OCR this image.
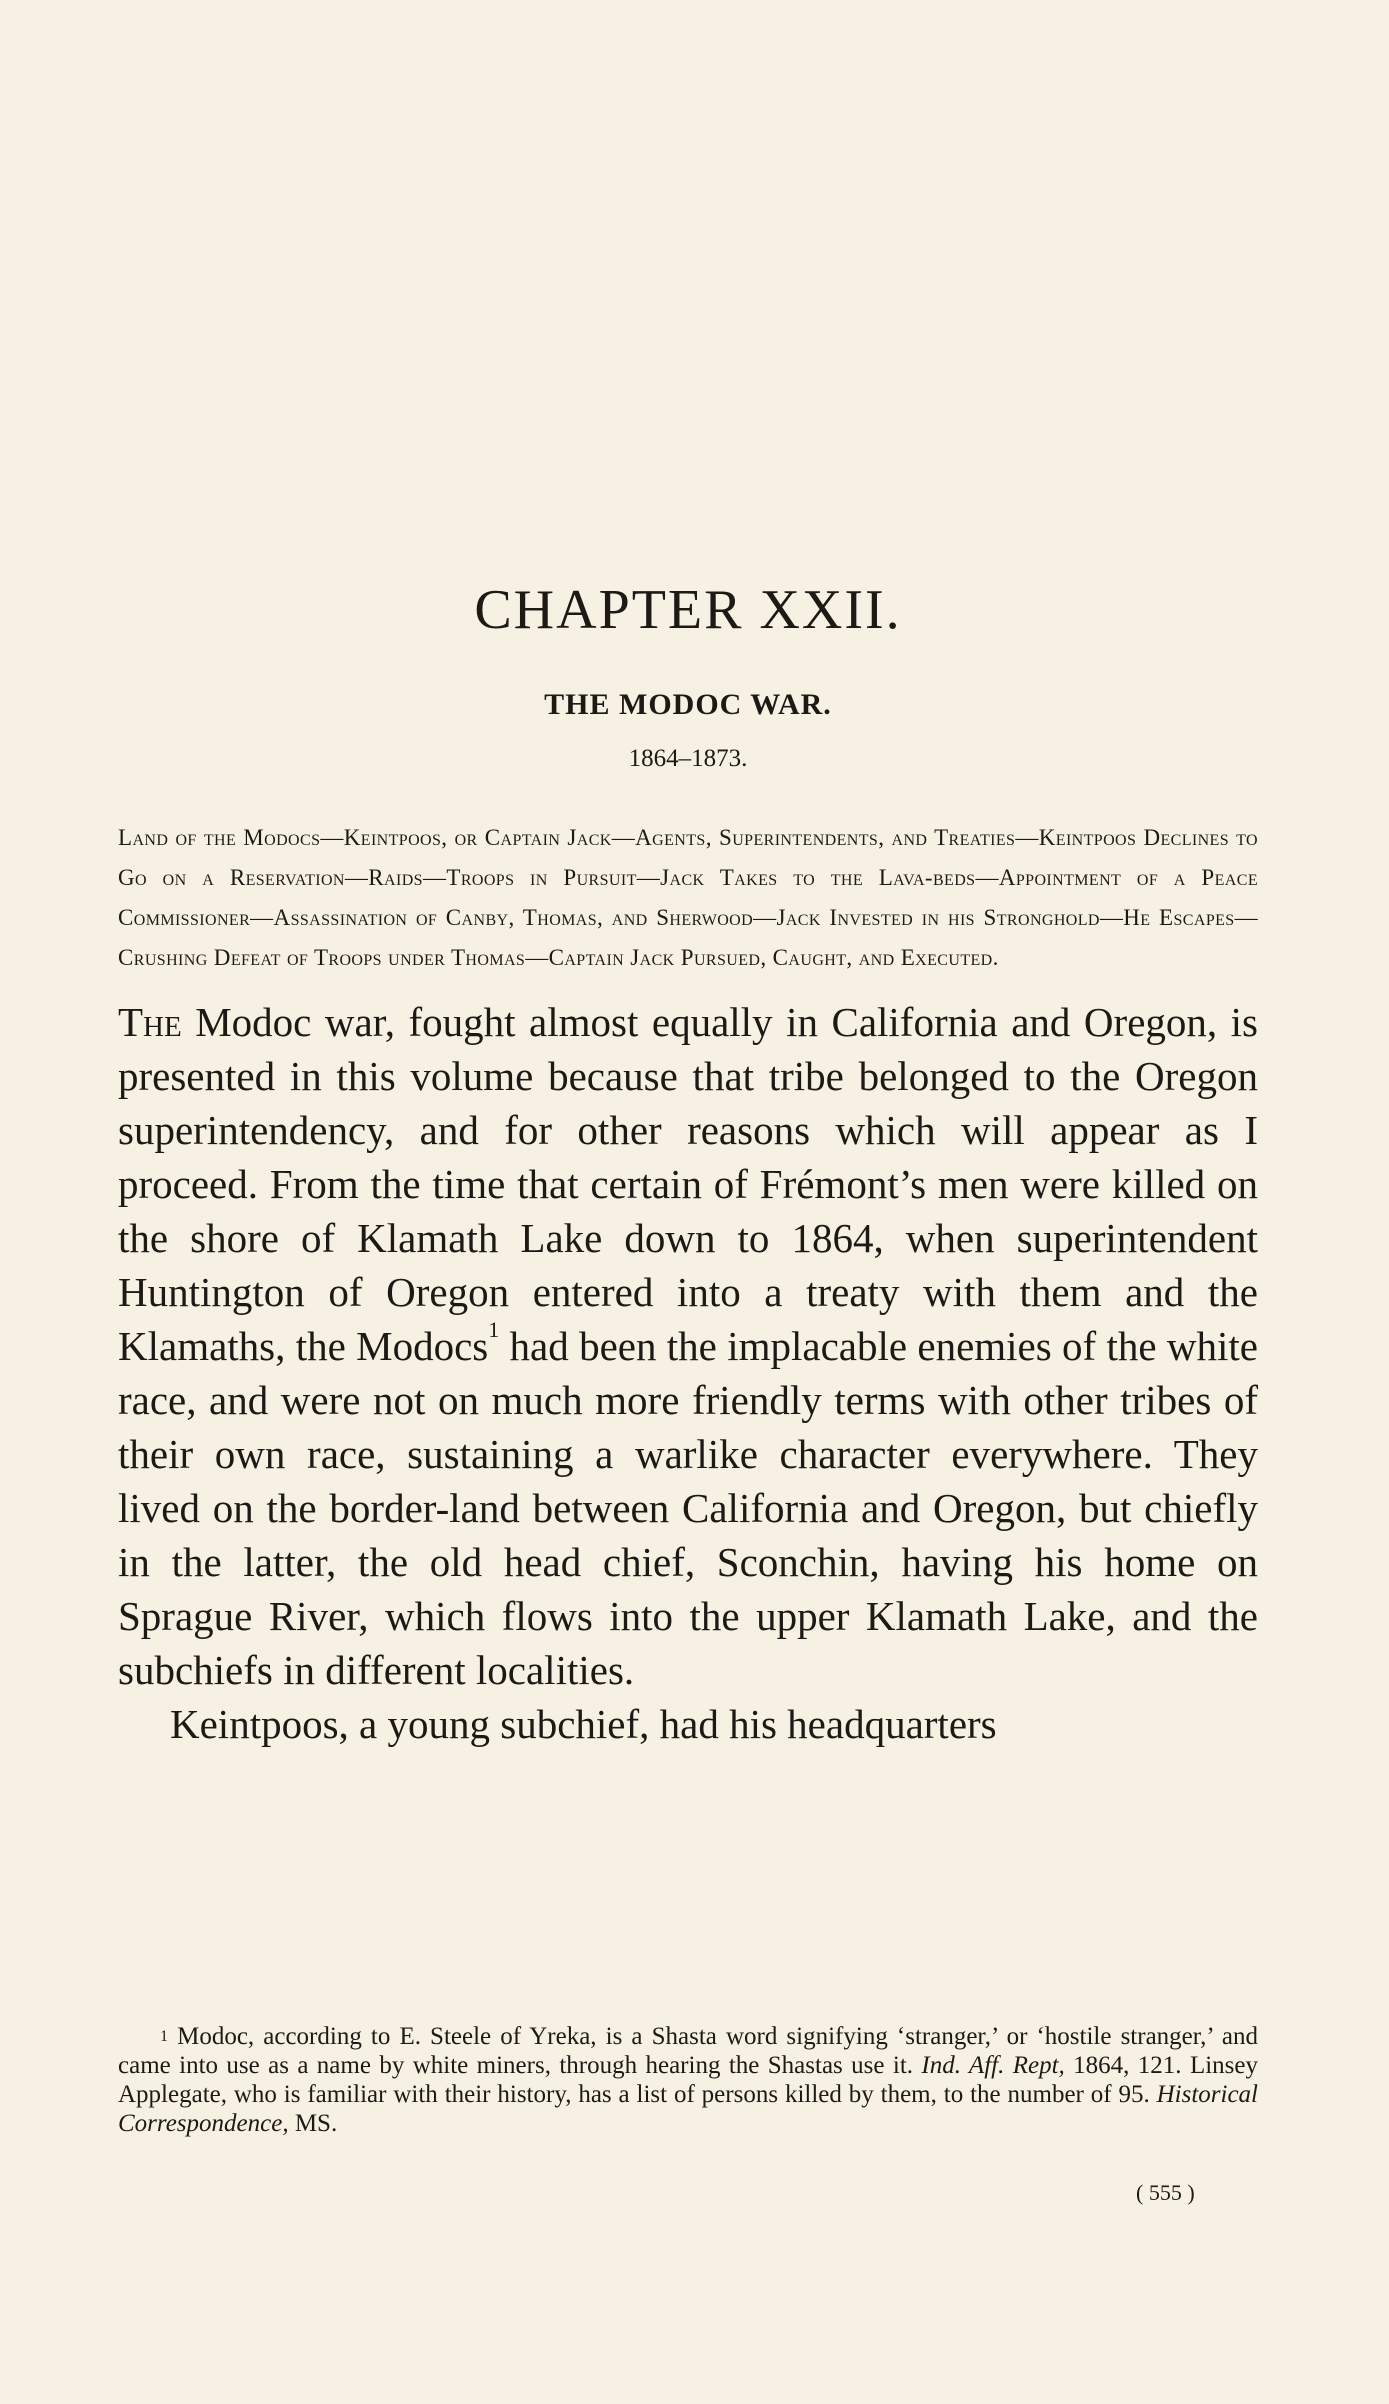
CHAPTER XXII.
THE MODOC WAR.

1864–1873.

Land of the Modocs—Keintpoos, or Captain Jack—Agents, Superintendents, and Treaties—Keintpoos Declines to Go on a Reservation—Raids—Troops in Pursuit—Jack Takes to the Lava-beds—Appointment of a Peace Commissioner—Assassination of Canby, Thomas, and Sherwood—Jack Invested in his Stronghold—He Escapes—Crushing Defeat of Troops under Thomas—Captain Jack Pursued, Caught, and Executed.

The Modoc war, fought almost equally in California and Oregon, is presented in this volume because that tribe belonged to the Oregon superintendency, and for other reasons which will appear as I proceed. From the time that certain of Frémont’s men were killed on the shore of Klamath Lake down to 1864, when superintendent Huntington of Oregon entered into a treaty with them and the Klamaths, the Modocs$^1$ had been the implacable enemies of the white race, and were not on much more friendly terms with other tribes of their own race, sustaining a warlike character everywhere. They lived on the border-land between California and Oregon, but chiefly in the latter, the old head chief, Sconchin, having his home on Sprague River, which flows into the upper Klamath Lake, and the subchiefs in different localities.

Keintpoos, a young subchief, had his headquarters

$^1$ Modoc, according to E. Steele of Yreka, is a Shasta word signifying ‘stranger,’ or ‘hostile stranger,’ and came into use as a name by white miners, through hearing the Shastas use it. Ind. Aff. Rept, 1864, 121. Linsey Applegate, who is familiar with their history, has a list of persons killed by them, to the number of 95. Historical Correspondence, MS.

( 555 )
